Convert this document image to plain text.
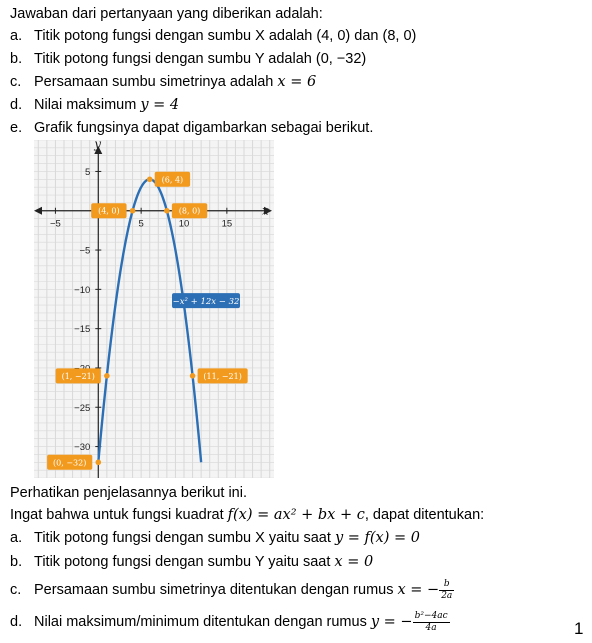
Jawaban dari pertanyaan yang diberikan adalah:
a. Titik potong fungsi dengan sumbu X adalah (4, 0) dan (8, 0)
b. Titik potong fungsi dengan sumbu Y adalah (0, −32)
c. Persamaan sumbu simetrinya adalah x = 6
d. Nilai maksimum y = 4
e. Grafik fungsinya dapat digambarkan sebagai berikut.
x
y
−5	5	10	15
5
−5
−10
−15
−25
−30
−x² + 12x − 32
(6, 4)
(4, 0)	(8, 0)
(1, −21)	(11, −21)
(0, −32)
Perhatikan penjelasannya berikut ini.
Ingat bahwa untuk fungsi kuadrat f(x) = ax² + bx + c, dapat ditentukan:
a. Titik potong fungsi dengan sumbu X yaitu saat y = f(x) = 0
b. Titik potong fungsi dengan sumbu Y yaitu saat x = 0
c. Persamaan sumbu simetrinya ditentukan dengan rumus x = − $\frac{b}{2a}$
d. Nilai maksimum/minimum ditentukan dengan rumus y = − $\frac{\text{b²−4ac}}{4a}$	1
